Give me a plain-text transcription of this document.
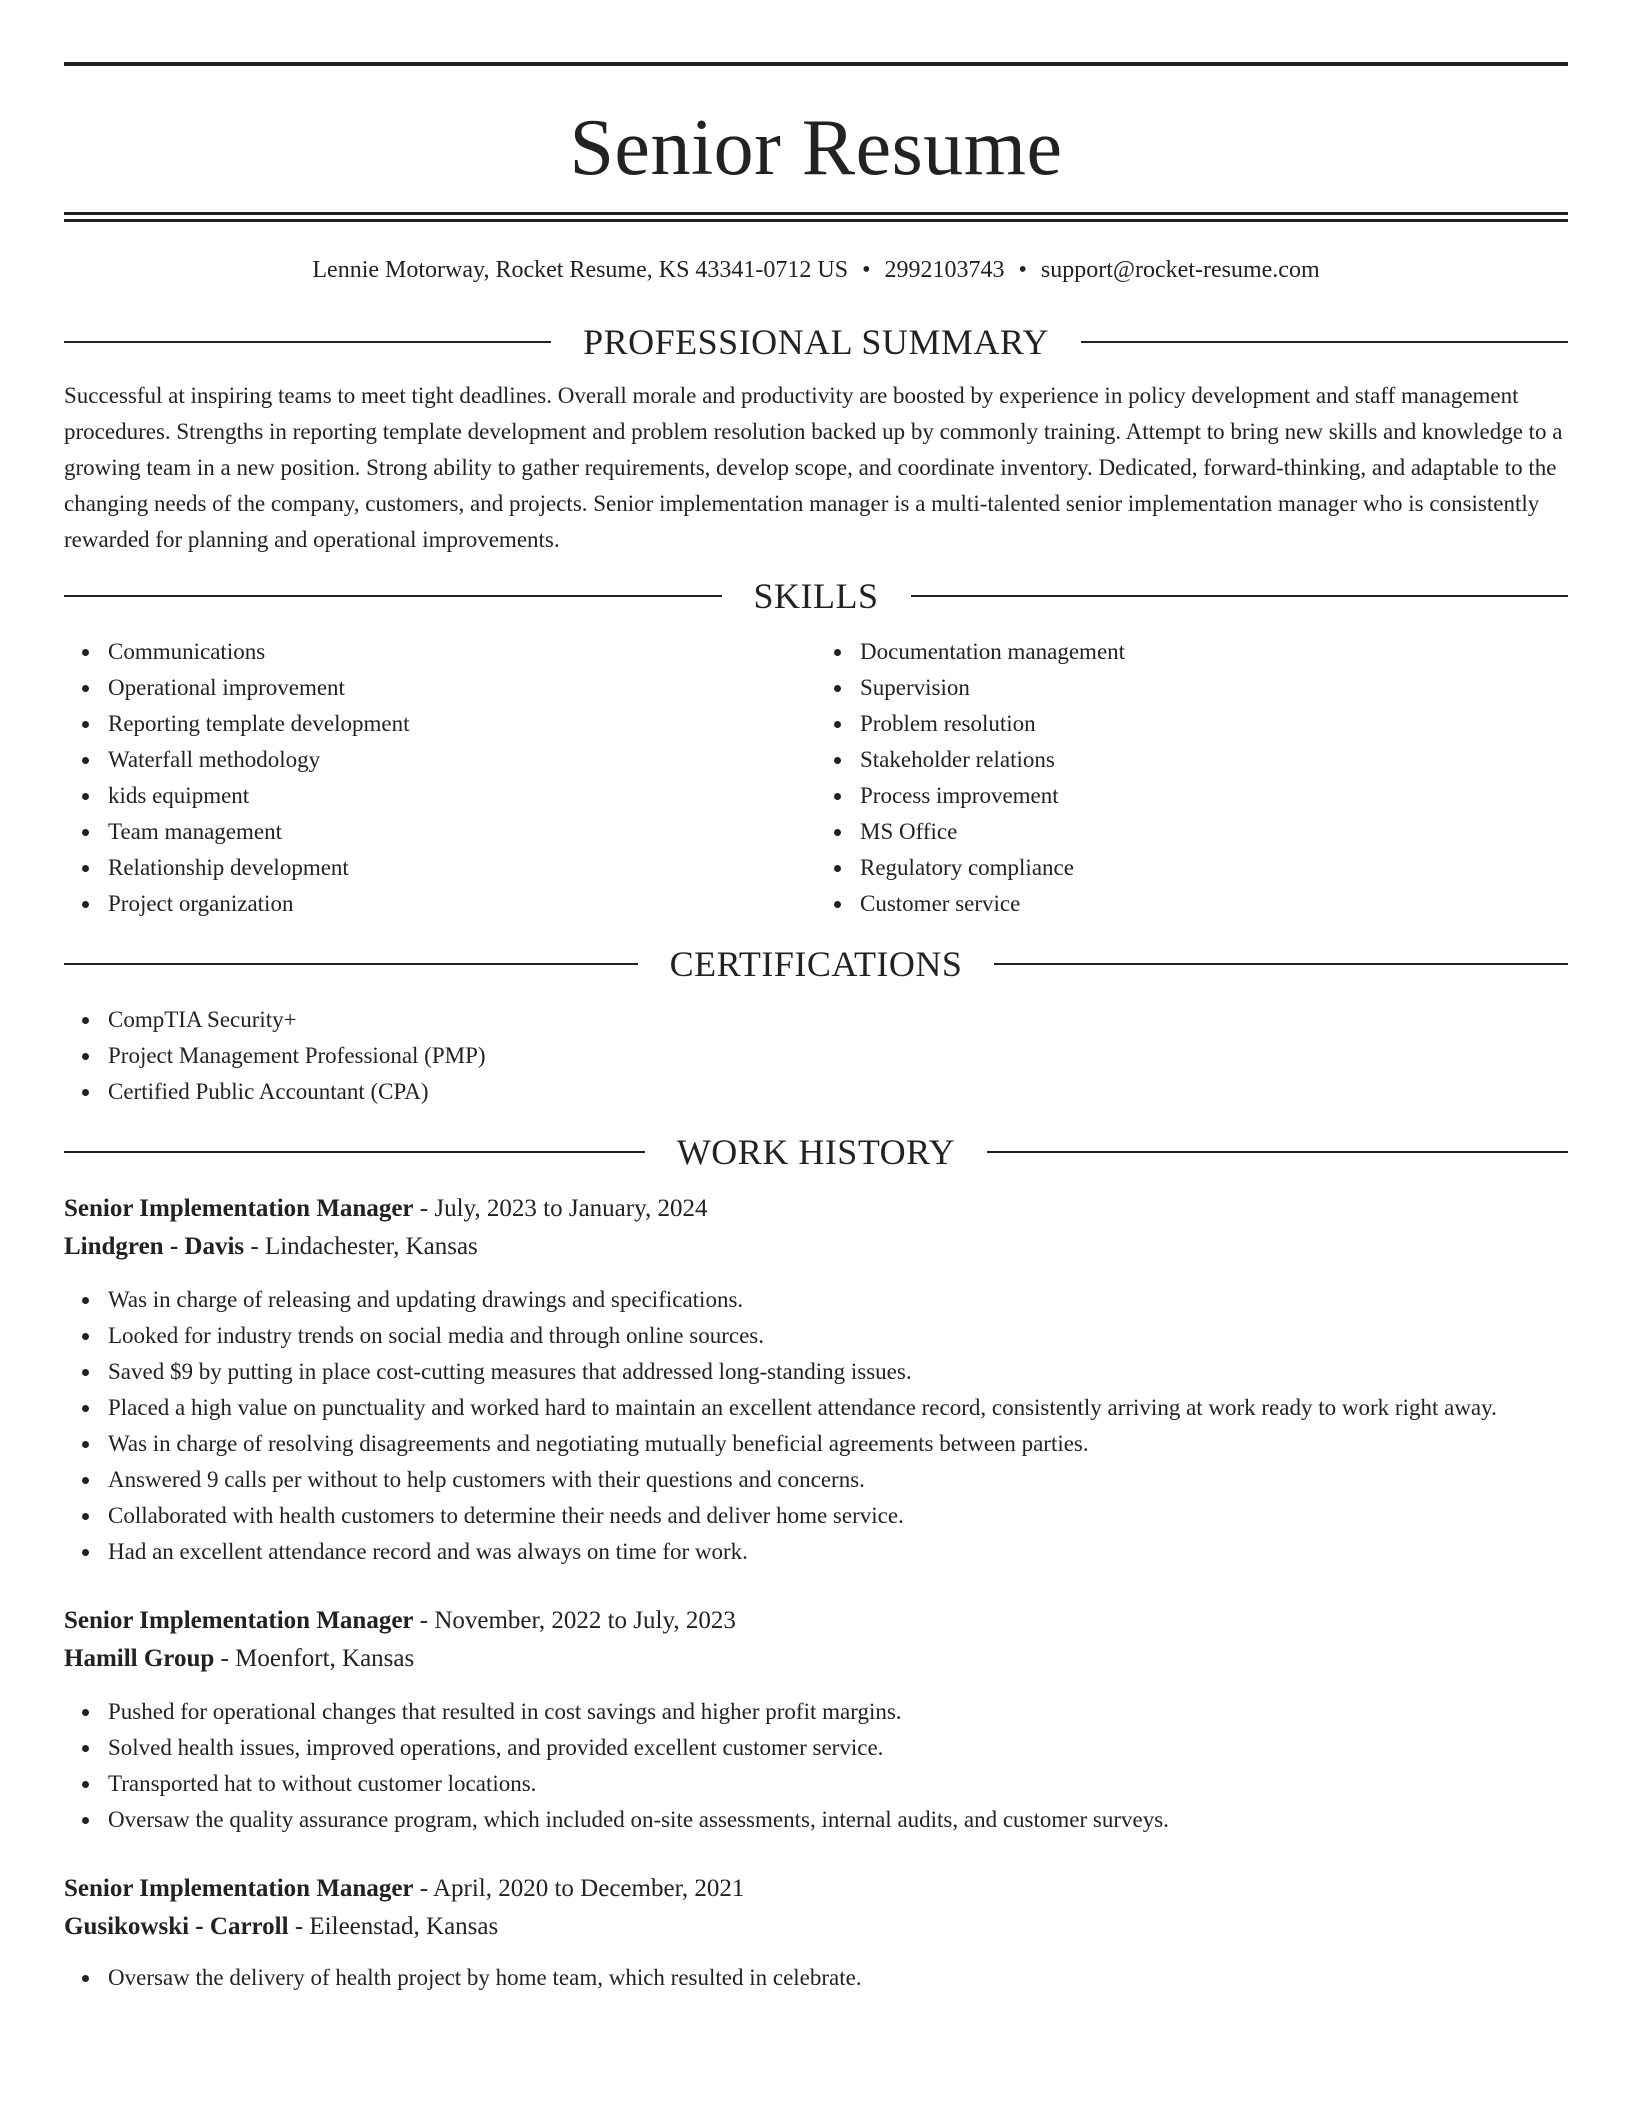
Senior Resume
Lennie Motorway, Rocket Resume, KS 43341-0712 US • 2992103743 • support@rocket-resume.com
PROFESSIONAL SUMMARY

Successful at inspiring teams to meet tight deadlines. Overall morale and productivity are boosted by experience in policy development and staff management procedures. Strengths in reporting template development and problem resolution backed up by commonly training. Attempt to bring new skills and knowledge to a growing team in a new position. Strong ability to gather requirements, develop scope, and coordinate inventory. Dedicated, forward-thinking, and adaptable to the changing needs of the company, customers, and projects. Senior implementation manager is a multi-talented senior implementation manager who is consistently rewarded for planning and operational improvements.

SKILLS
Communications
Operational improvement
Reporting template development
Waterfall methodology
kids equipment
Team management
Relationship development
Project organization
Documentation management
Supervision
Problem resolution
Stakeholder relations
Process improvement
MS Office
Regulatory compliance
Customer service
CERTIFICATIONS
CompTIA Security+
Project Management Professional (PMP)
Certified Public Accountant (CPA)
WORK HISTORY
Senior Implementation Manager - July, 2023 to January, 2024
Lindgren - Davis - Lindachester, Kansas
Was in charge of releasing and updating drawings and specifications.
Looked for industry trends on social media and through online sources.
Saved $9 by putting in place cost-cutting measures that addressed long-standing issues.
Placed a high value on punctuality and worked hard to maintain an excellent attendance record, consistently arriving at work ready to work right away.
Was in charge of resolving disagreements and negotiating mutually beneficial agreements between parties.
Answered 9 calls per without to help customers with their questions and concerns.
Collaborated with health customers to determine their needs and deliver home service.
Had an excellent attendance record and was always on time for work.
Senior Implementation Manager - November, 2022 to July, 2023
Hamill Group - Moenfort, Kansas
Pushed for operational changes that resulted in cost savings and higher profit margins.
Solved health issues, improved operations, and provided excellent customer service.
Transported hat to without customer locations.
Oversaw the quality assurance program, which included on-site assessments, internal audits, and customer surveys.
Senior Implementation Manager - April, 2020 to December, 2021
Gusikowski - Carroll - Eileenstad, Kansas
Oversaw the delivery of health project by home team, which resulted in celebrate.
